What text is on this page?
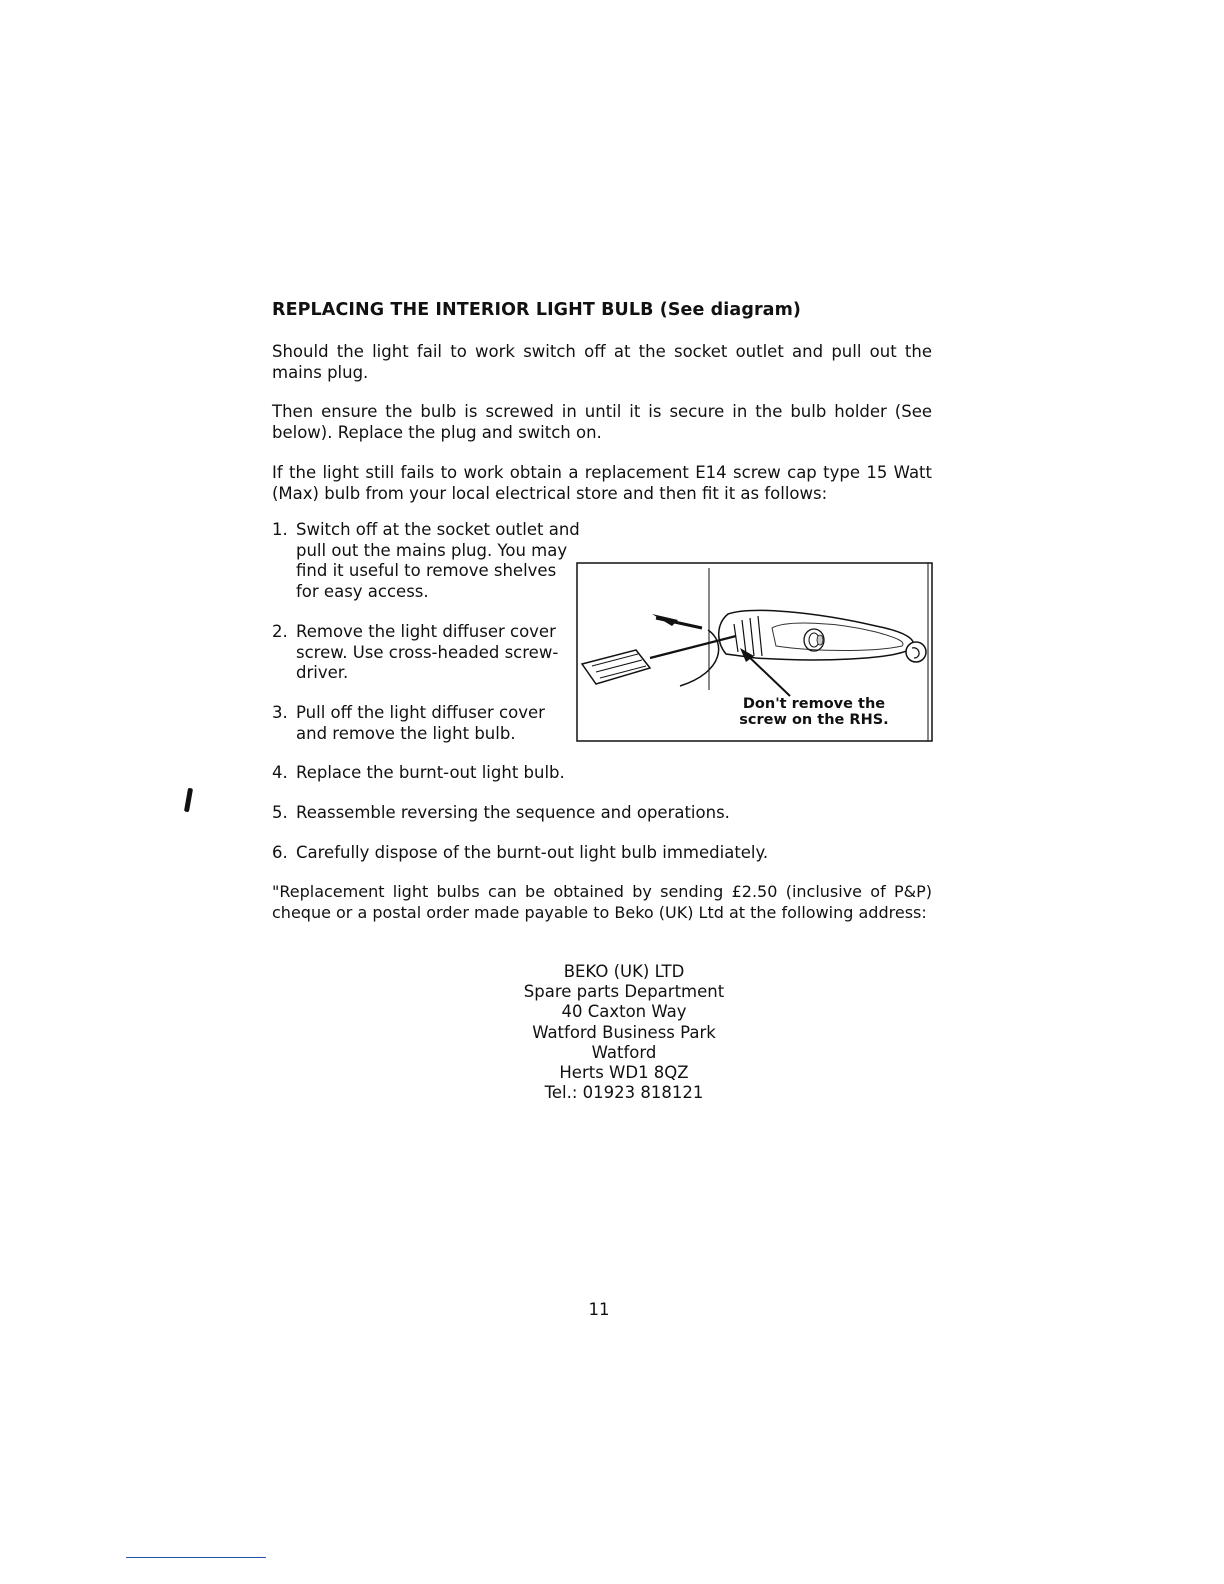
REPLACING THE INTERIOR LIGHT BULB (See diagram)
Should the light fail to work switch off at the socket outlet and pull out the mains plug.
Then ensure the bulb is screwed in until it is secure in the bulb holder (See below). Replace the plug and switch on.
If the light still fails to work obtain a replacement E14 screw cap type 15 Watt (Max) bulb from your local electrical store and then fit it as follows:
1. Switch off at the socket outlet and
pull out the mains plug. You may
find it useful to remove shelves
for easy access.
2. Remove the light diffuser cover
screw. Use cross-headed screw-
driver.
3. Pull off the light diffuser cover
and remove the light bulb.
4. Replace the burnt-out light bulb.
5. Reassemble reversing the sequence and operations.
6. Carefully dispose of the burnt-out light bulb immediately.
Don't remove the
screw on the RHS.
"Replacement light bulbs can be obtained by sending £2.50 (inclusive of P&P) cheque or a postal order made payable to Beko (UK) Ltd at the following address:
BEKO (UK) LTD
Spare parts Department
40 Caxton Way
Watford Business Park
Watford
Herts WD1 8QZ
Tel.: 01923 818121
11
